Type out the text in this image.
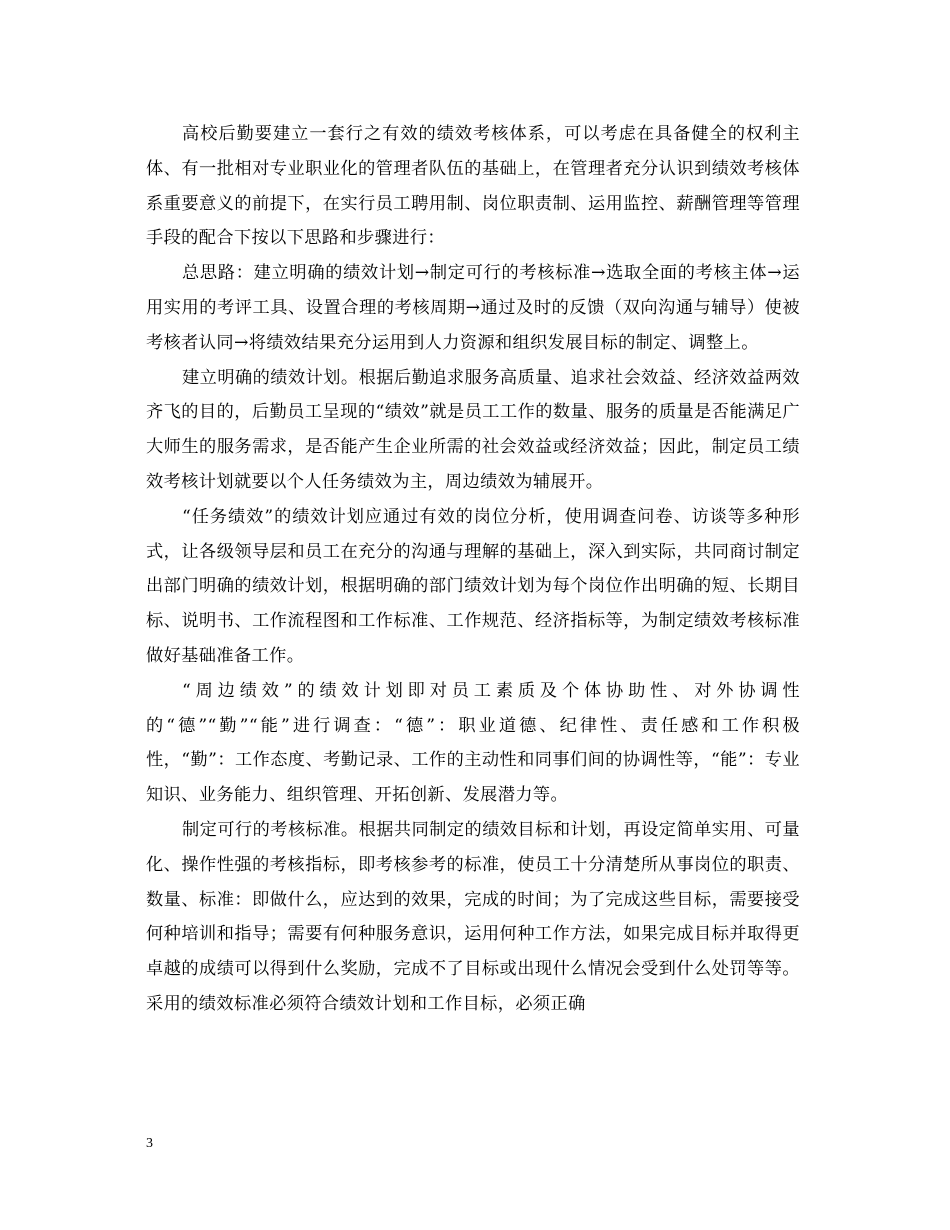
高校后勤要建立一套行之有效的绩效考核体系，可以考虑在具备健全的权利主体、有一批相对专业职业化的管理者队伍的基础上，在管理者充分认识到绩效考核体系重要意义的前提下，在实行员工聘用制、岗位职责制、运用监控、薪酬管理等管理手段的配合下按以下思路和步骤进行：

总思路：建立明确的绩效计划→制定可行的考核标准→选取全面的考核主体→运用实用的考评工具、设置合理的考核周期→通过及时的反馈（双向沟通与辅导）使被考核者认同→将绩效结果充分运用到人力资源和组织发展目标的制定、调整上。

建立明确的绩效计划。根据后勤追求服务高质量、追求社会效益、经济效益两效齐飞的目的，后勤员工呈现的“绩效”就是员工工作的数量、服务的质量是否能满足广大师生的服务需求，是否能产生企业所需的社会效益或经济效益；因此，制定员工绩效考核计划就要以个人任务绩效为主，周边绩效为辅展开。

“任务绩效”的绩效计划应通过有效的岗位分析，使用调查问卷、访谈等多种形式，让各级领导层和员工在充分的沟通与理解的基础上，深入到实际，共同商讨制定出部门明确的绩效计划，根据明确的部门绩效计划为每个岗位作出明确的短、长期目标、说明书、工作流程图和工作标准、工作规范、经济指标等，为制定绩效考核标准做好基础准备工作。

“周边绩效”的绩效计划即对员工素质及个体协助性、对外协调性的“德”“勤”“能”进行调查：“德”：职业道德、纪律性、责任感和工作积极性，“勤”：工作态度、考勤记录、工作的主动性和同事们间的协调性等，“能”：专业知识、业务能力、组织管理、开拓创新、发展潜力等。

制定可行的考核标准。根据共同制定的绩效目标和计划，再设定简单实用、可量化、操作性强的考核指标，即考核参考的标准，使员工十分清楚所从事岗位的职责、数量、标准：即做什么，应达到的效果，完成的时间；为了完成这些目标，需要接受何种培训和指导；需要有何种服务意识，运用何种工作方法，如果完成目标并取得更卓越的成绩可以得到什么奖励，完成不了目标或出现什么情况会受到什么处罚等等。采用的绩效标准必须符合绩效计划和工作目标，必须正确

3
